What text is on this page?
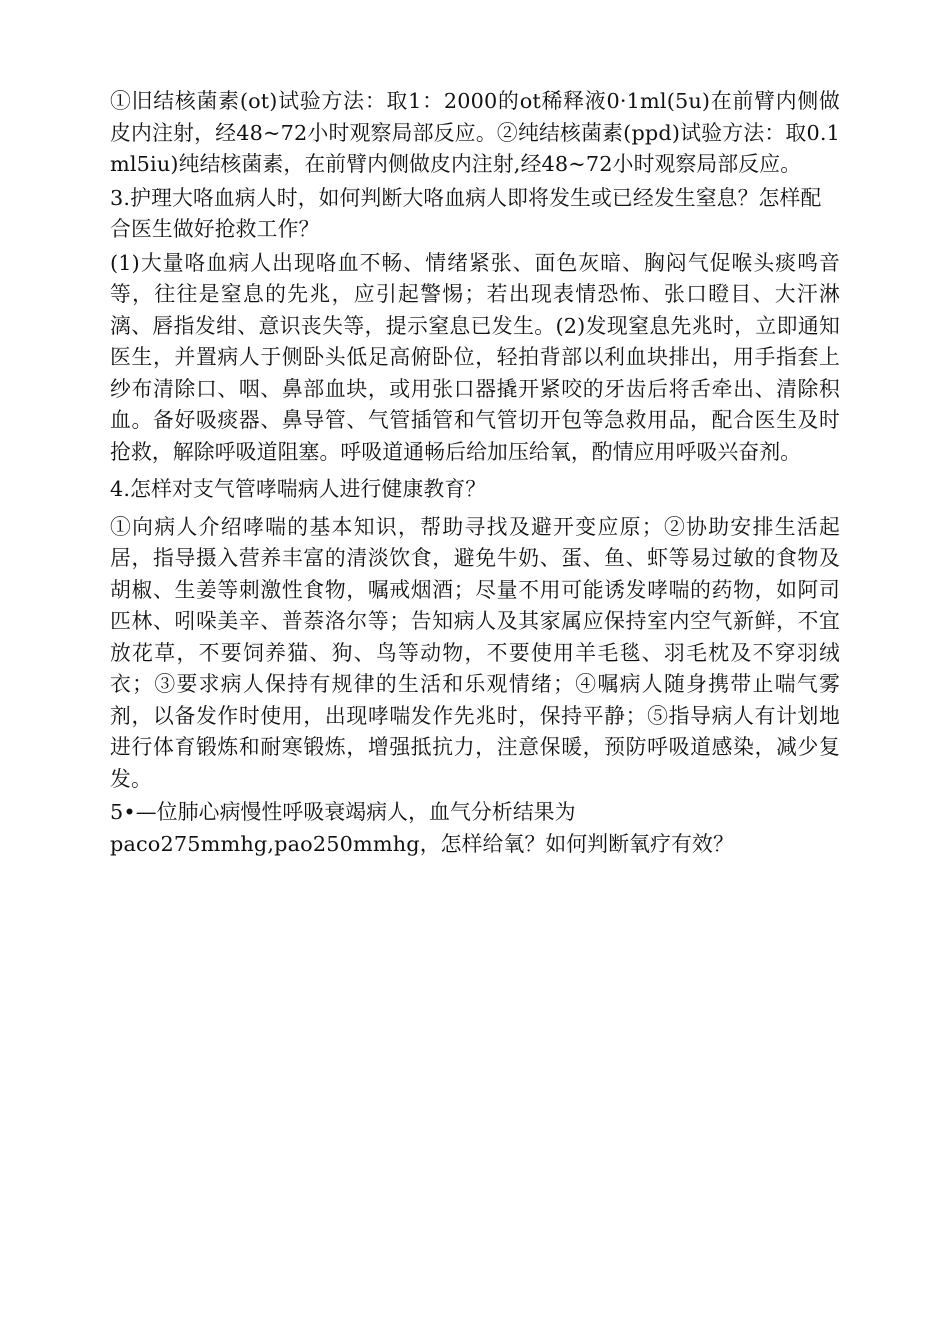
①旧结核菌素(ot)试验方法：取1：2000的ot稀释液0·1ml(5u)在前臂内侧做皮内注射，经48~72小时观察局部反应。②纯结核菌素(ppd)试验方法：取0.1ml5iu)纯结核菌素，在前臂内侧做皮内注射,经48~72小时观察局部反应。

3.护理大咯血病人时，如何判断大咯血病人即将发生或已经发生窒息？怎样配合医生做好抢救工作？

(1)大量咯血病人出现咯血不畅、情绪紧张、面色灰暗、胸闷气促喉头痰鸣音等，往往是窒息的先兆，应引起警惕；若出现表情恐怖、张口瞪目、大汗淋漓、唇指发绀、意识丧失等，提示窒息已发生。(2)发现窒息先兆时，立即通知医生，并置病人于侧卧头低足高俯卧位，轻拍背部以利血块排出，用手指套上纱布清除口、咽、鼻部血块，或用张口器撬开紧咬的牙齿后将舌牵出、清除积血。备好吸痰器、鼻导管、气管插管和气管切开包等急救用品，配合医生及时抢救，解除呼吸道阻塞。呼吸道通畅后给加压给氧，酌情应用呼吸兴奋剂。

4.怎样对支气管哮喘病人进行健康教育？

①向病人介绍哮喘的基本知识，帮助寻找及避开变应原；②协助安排生活起居，指导摄入营养丰富的清淡饮食，避免牛奶、蛋、鱼、虾等易过敏的食物及胡椒、生姜等刺激性食物，嘱戒烟酒；尽量不用可能诱发哮喘的药物，如阿司匹林、吲哚美辛、普萘洛尔等；告知病人及其家属应保持室内空气新鲜，不宜放花草，不要饲养猫、狗、鸟等动物，不要使用羊毛毯、羽毛枕及不穿羽绒衣；③要求病人保持有规律的生活和乐观情绪；④嘱病人随身携带止喘气雾剂，以备发作时使用，出现哮喘发作先兆时，保持平静；⑤指导病人有计划地进行体育锻炼和耐寒锻炼，增强抵抗力，注意保暖，预防呼吸道感染，减少复发。

5•—位肺心病慢性呼吸衰竭病人，血气分析结果为paco275mmhg,pao250mmhg，怎样给氧？如何判断氧疗有效？
